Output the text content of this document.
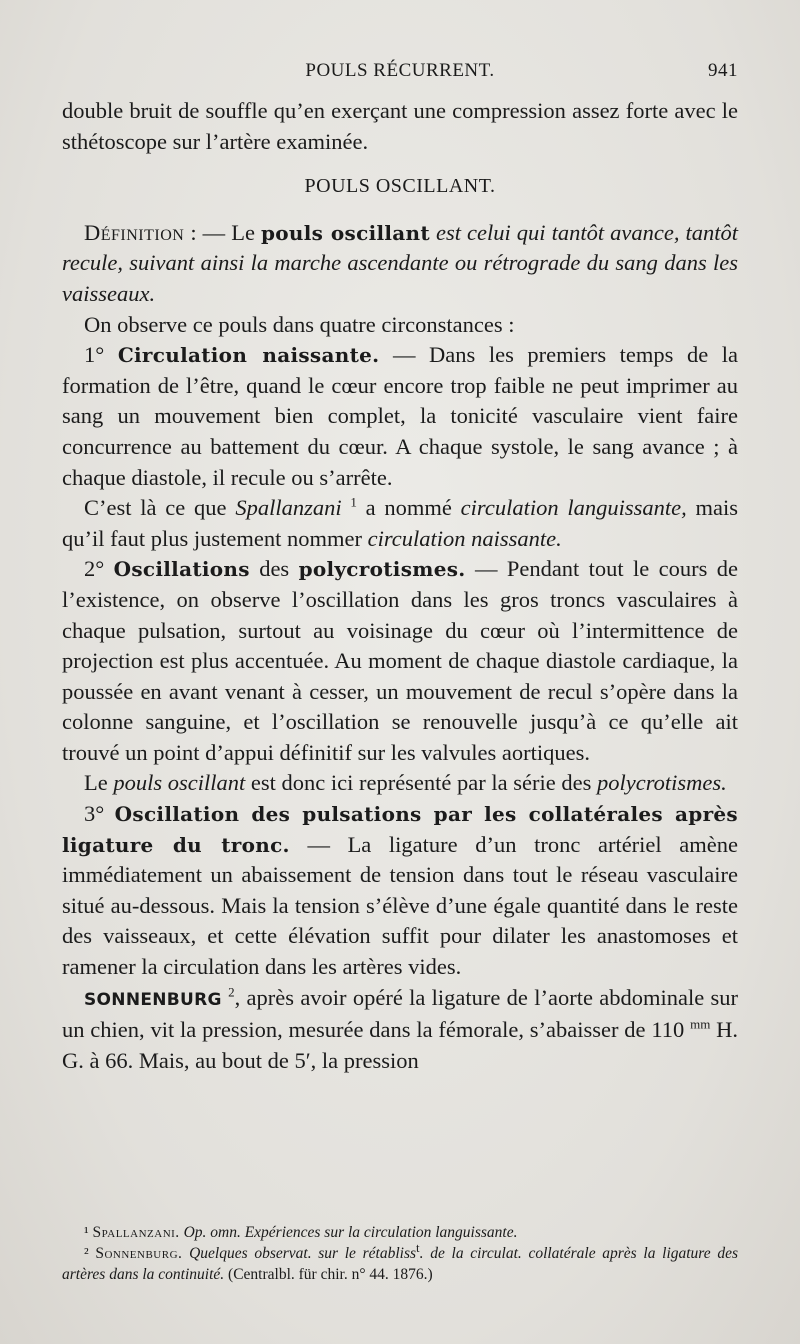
POULS RÉCURRENT.	941

double bruit de souffle qu’en exerçant une compression assez forte avec le sthétoscope sur l’artère examinée.

POULS OSCILLANT.

Définition : — Le pouls oscillant est celui qui tantôt avance, tantôt recule, suivant ainsi la marche ascendante ou rétrograde du sang dans les vaisseaux.

On observe ce pouls dans quatre circonstances :

1° Circulation naissante. — Dans les premiers temps de la formation de l’être, quand le cœur encore trop faible ne peut imprimer au sang un mouvement bien complet, la tonicité vasculaire vient faire concurrence au battement du cœur. A chaque systole, le sang avance ; à chaque diastole, il recule ou s’arrête.

C’est là ce que Spallanzani $^1$ a nommé circulation languissante, mais qu’il faut plus justement nommer circulation naissante.

2° Oscillations des polycrotismes. — Pendant tout le cours de l’existence, on observe l’oscillation dans les gros troncs vasculaires à chaque pulsation, surtout au voisinage du cœur où l’intermittence de projection est plus accentuée. Au moment de chaque diastole cardiaque, la poussée en avant venant à cesser, un mouvement de recul s’opère dans la colonne sanguine, et l’oscillation se renouvelle jusqu’à ce qu’elle ait trouvé un point d’appui définitif sur les valvules aortiques.

Le pouls oscillant est donc ici représenté par la série des polycrotismes.

3° Oscillation des pulsations par les collatérales après ligature du tronc. — La ligature d’un tronc artériel amène immédiatement un abaissement de tension dans tout le réseau vasculaire situé au-dessous. Mais la tension s’élève d’une égale quantité dans le reste des vaisseaux, et cette élévation suffit pour dilater les anastomoses et ramener la circulation dans les artères vides.

SONNENBURG $^2$, après avoir opéré la ligature de l’aorte abdominale sur un chien, vit la pression, mesurée dans la fémorale, s’abaisser de 110 $^{mm}$ H. G. à 66. Mais, au bout de 5′, la pression

¹ Spallanzani. Op. omn. Expériences sur la circulation languissante.

² Sonnenburg. Quelques observat. sur le rétabliss$^t$. de la circulat. collatérale après la ligature des artères dans la continuité. (Centralbl. für chir. n° 44. 1876.)
